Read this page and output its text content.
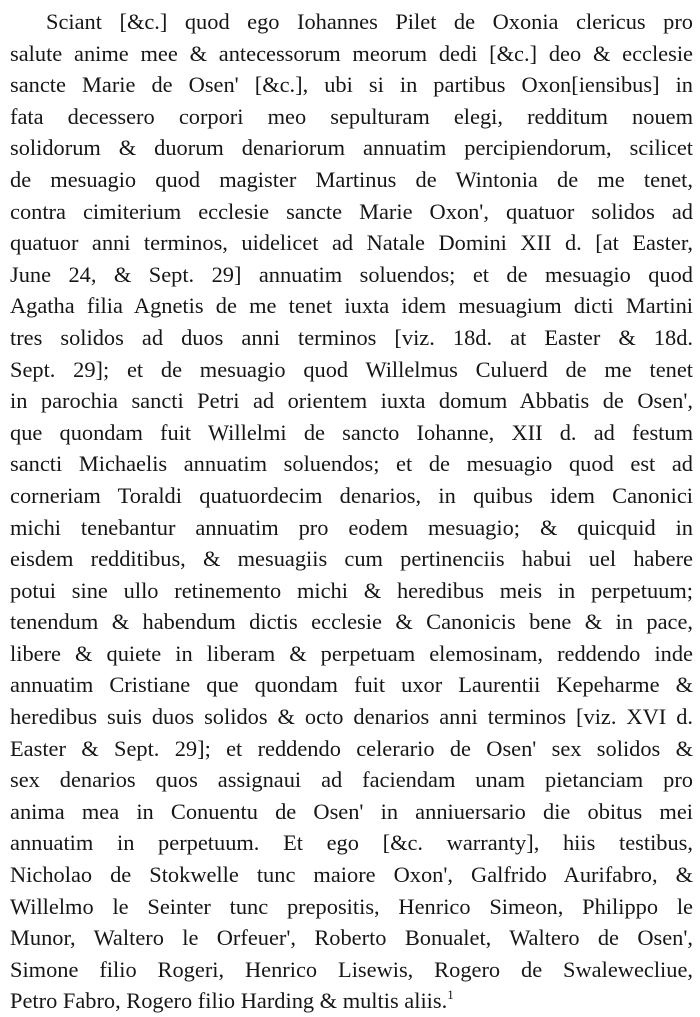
Sciant [&c.] quod ego Iohannes Pilet de Oxonia clericus pro
salute anime mee & antecessorum meorum dedi [&c.] deo & ecclesie
sancte Marie de Osen' [&c.], ubi si in partibus Oxon[iensibus] in
fata decessero corpori meo sepulturam elegi, redditum nouem
solidorum & duorum denariorum annuatim percipiendorum, scilicet
de mesuagio quod magister Martinus de Wintonia de me tenet,
contra cimiterium ecclesie sancte Marie Oxon', quatuor solidos ad
quatuor anni terminos, uidelicet ad Natale Domini XII d. [at Easter,
June 24, & Sept. 29] annuatim soluendos; et de mesuagio quod
Agatha filia Agnetis de me tenet iuxta idem mesuagium dicti Martini
tres solidos ad duos anni terminos [viz. 18d. at Easter & 18d.
Sept. 29]; et de mesuagio quod Willelmus Culuerd de me tenet
in parochia sancti Petri ad orientem iuxta domum Abbatis de Osen',
que quondam fuit Willelmi de sancto Iohanne, XII d. ad festum
sancti Michaelis annuatim soluendos; et de mesuagio quod est ad
corneriam Toraldi quatuordecim denarios, in quibus idem Canonici
michi tenebantur annuatim pro eodem mesuagio; & quicquid in
eisdem redditibus, & mesuagiis cum pertinenciis habui uel habere
potui sine ullo retinemento michi & heredibus meis in perpetuum;
tenendum & habendum dictis ecclesie & Canonicis bene & in pace,
libere & quiete in liberam & perpetuam elemosinam, reddendo inde
annuatim Cristiane que quondam fuit uxor Laurentii Kepeharme &
heredibus suis duos solidos & octo denarios anni terminos [viz. XVI d.
Easter & Sept. 29]; et reddendo celerario de Osen' sex solidos &
sex denarios quos assignaui ad faciendam unam pietanciam pro
anima mea in Conuentu de Osen' in anniuersario die obitus mei
annuatim in perpetuum. Et ego [&c. warranty], hiis testibus,
Nicholao de Stokwelle tunc maiore Oxon', Galfrido Aurifabro, &
Willelmo le Seinter tunc prepositis, Henrico Simeon, Philippo le
Munor, Waltero le Orfeuer', Roberto Bonualet, Waltero de Osen',
Simone filio Rogeri, Henrico Lisewis, Rogero de Swalewecliue,
Petro Fabro, Rogero filio Harding & multis aliis.$^1$
